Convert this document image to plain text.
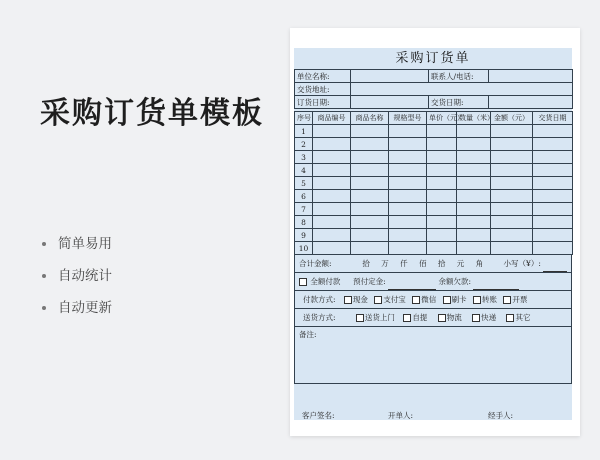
采购订货单模板
简单易用
自动统计
自动更新
采购订货单
单位名称:		联系人/电话:	
交货地址:			
订货日期:		交货日期:	
序号	商品编号	商品名称	规格型号	单价（元）	数量（米）	金额（元）	交货日期
1							
2							
3							
4							
5							
6							
7							
8							
9							
10							
合计金额:	拾 万 仟 佰 拾 元 角	小写（¥）:
全额付款 预付定金:	余额欠款:
付款方式: 现金 支付宝 微信 刷卡 转账 开票
送货方式:	送货上门 自提	物流	快递	其它
备注:
客户签名:	开单人:	经手人:
